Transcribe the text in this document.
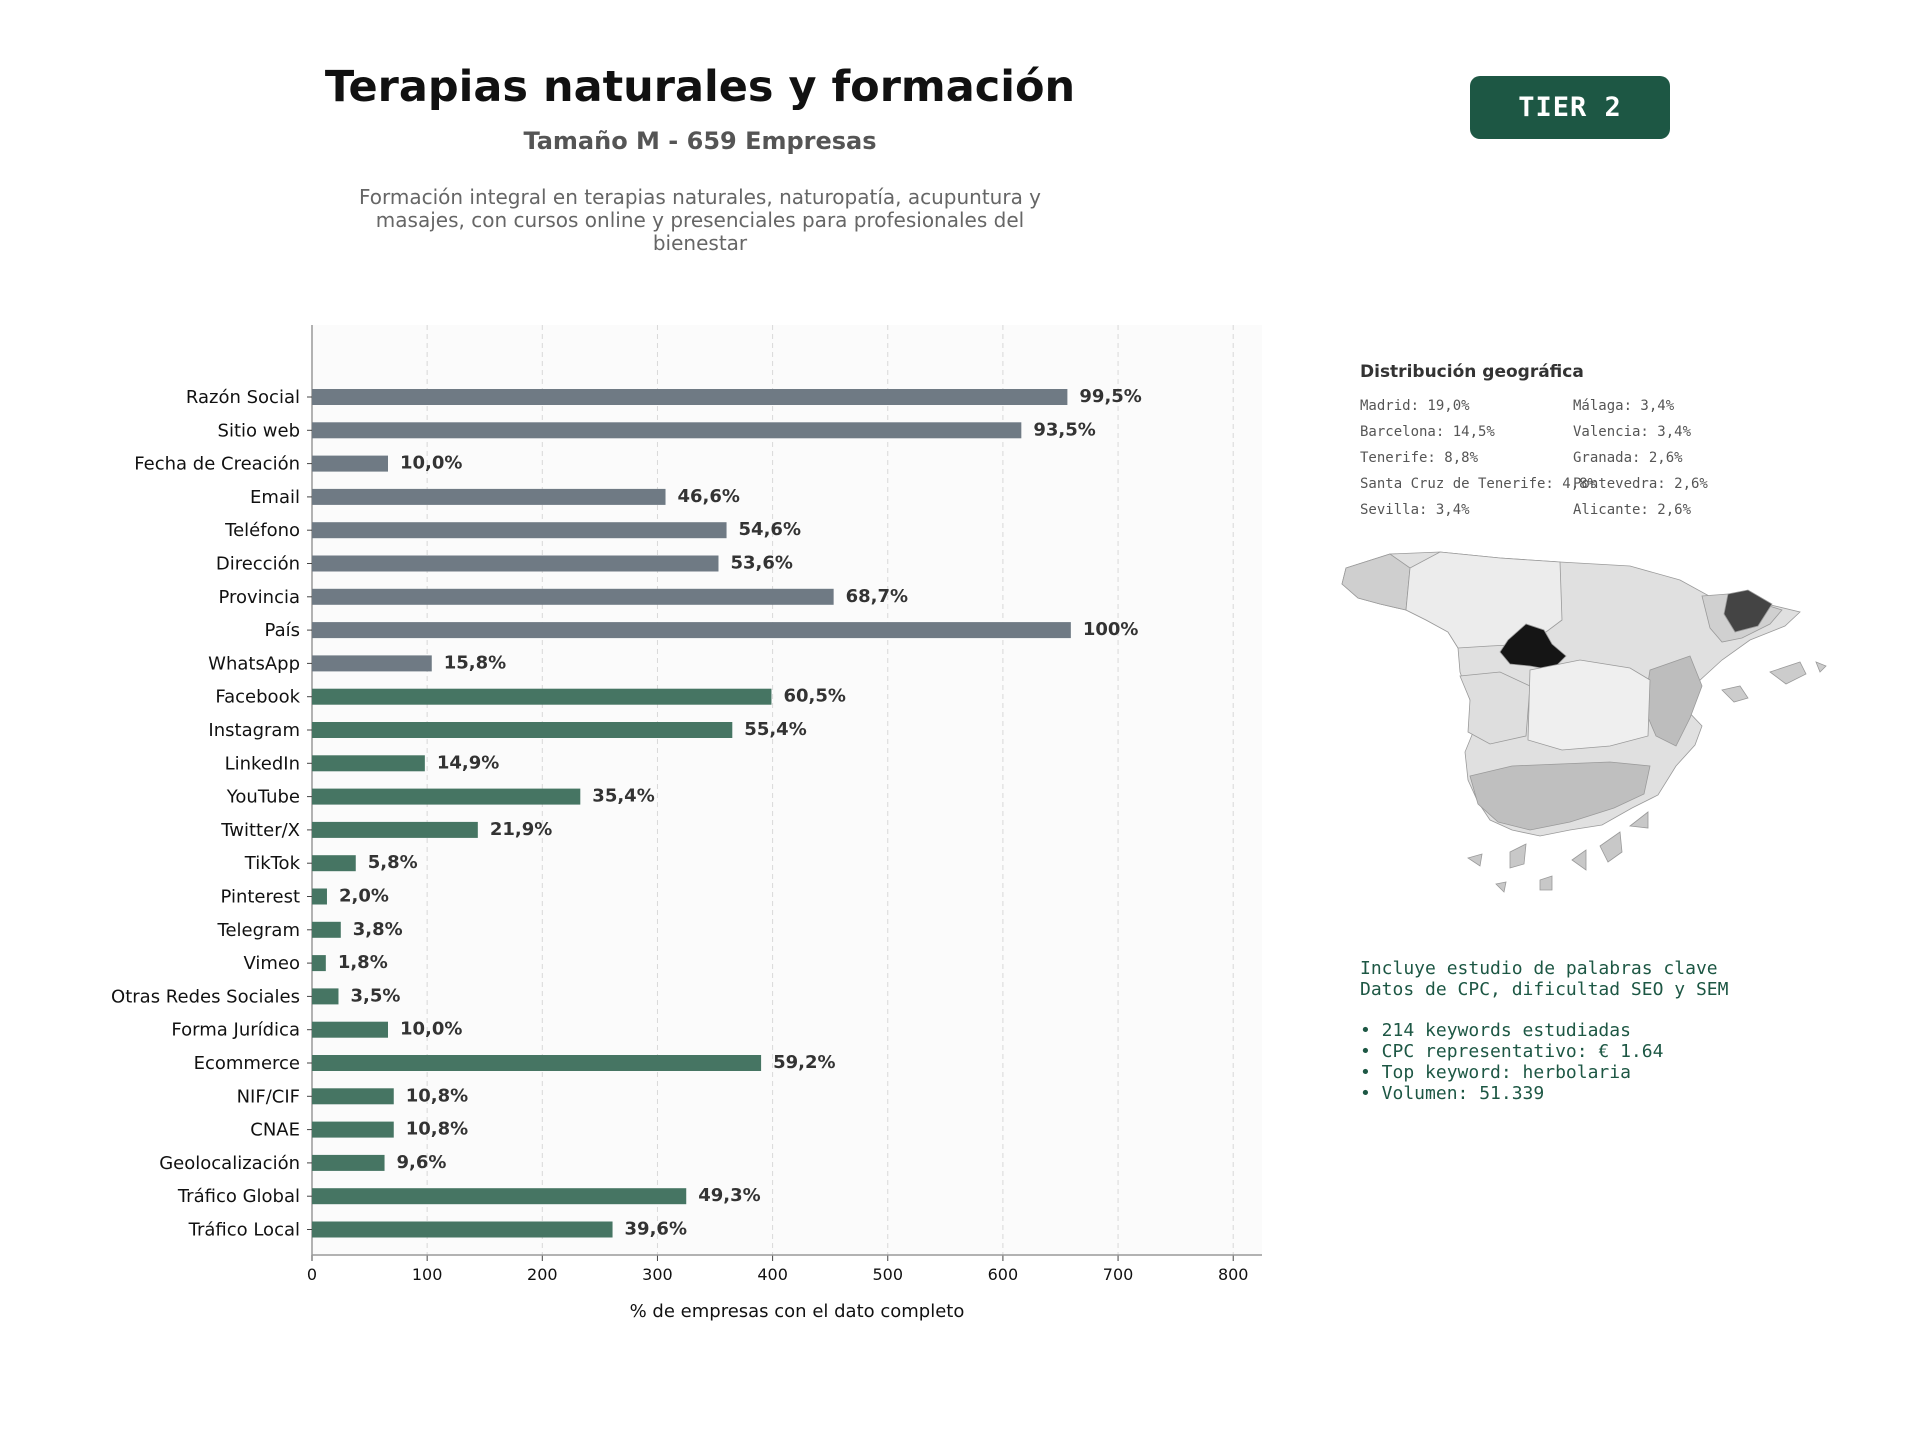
Terapias naturales y formación
Tamaño M - 659 Empresas
Formación integral en terapias naturales, naturopatía, acupuntura y masajes, con cursos online y presenciales para profesionales del bienestar
TIER 2
0	100	200	300	400	500	600	700	800
Razón Social	99,5%
Sitio web	93,5%
Fecha de Creación	10,0%
Email	46,6%
Teléfono	54,6%
Dirección	53,6%
Provincia	68,7%
País	100%
WhatsApp	15,8%
Facebook	60,5%
Instagram	55,4%
LinkedIn	14,9%
YouTube	35,4%
Twitter/X	21,9%
TikTok	5,8%
Pinterest 2,0%
Telegram	3,8%
Vimeo 1,8%
Otras Redes Sociales	3,5%
Forma Jurídica	10,0%
Ecommerce	59,2%
NIF/CIF	10,8%
CNAE	10,8%
Geolocalización	9,6%
Tráfico Global	49,3%
Tráfico Local	39,6%
% de empresas con el dato completo
Distribución geográfica
Madrid: 19,0%
Barcelona: 14,5%
Tenerife: 8,8%
Santa Cruz de Tenerife: 4,8%
Sevilla: 3,4%
Málaga: 3,4%
Valencia: 3,4%
Granada: 2,6%
Pontevedra: 2,6%
Alicante: 2,6%
Incluye estudio de palabras clave
Datos de CPC, dificultad SEO y SEM
• 214 keywords estudiadas
• CPC representativo: € 1.64
• Top keyword: herbolaria
• Volumen: 51.339
